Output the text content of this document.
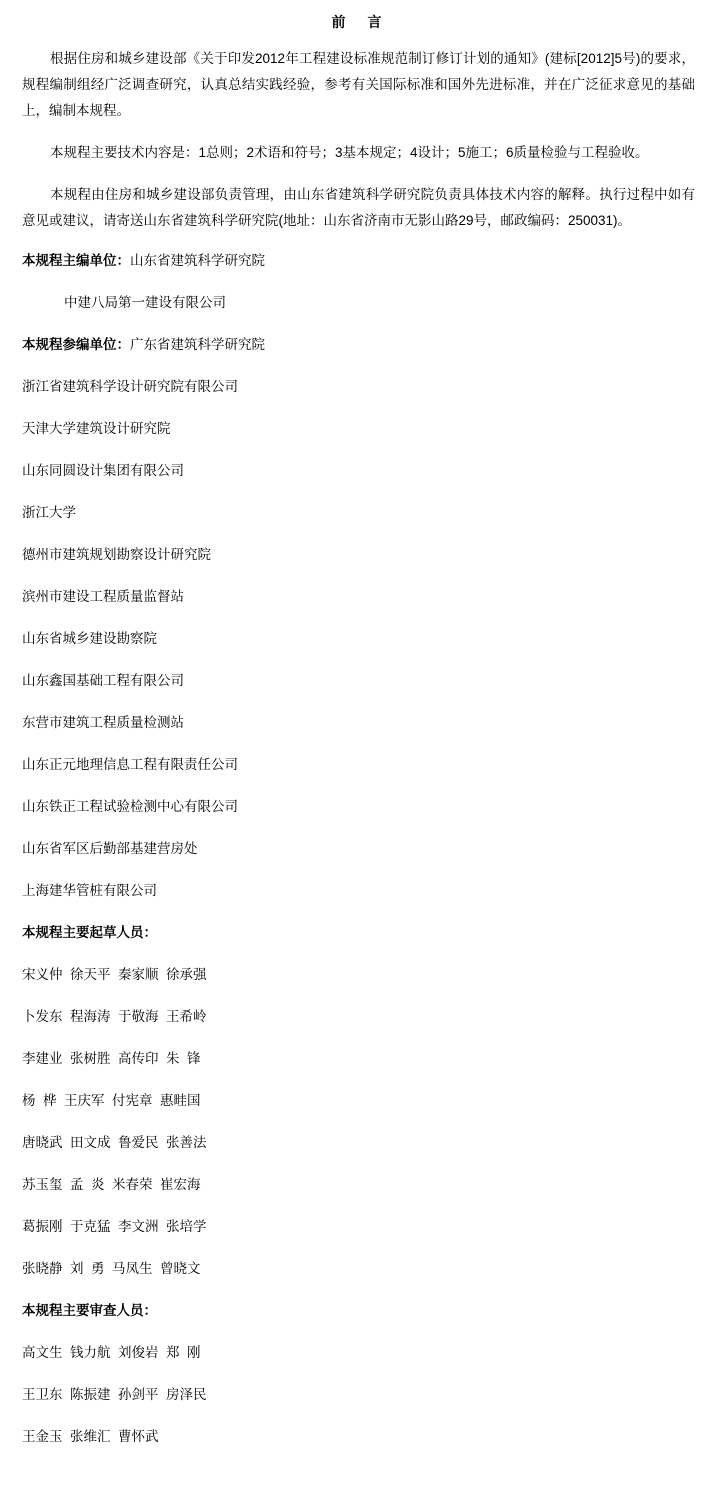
前　言

根据住房和城乡建设部《关于印发2012年工程建设标准规范制订修订计划的通知》(建标[2012]5号)的要求，规程编制组经广泛调查研究，认真总结实践经验，参考有关国际标准和国外先进标准，并在广泛征求意见的基础上，编制本规程。

本规程主要技术内容是：1总则；2术语和符号；3基本规定；4设计；5施工；6质量检验与工程验收。

本规程由住房和城乡建设部负责管理，由山东省建筑科学研究院负责具体技术内容的解释。执行过程中如有意见或建议，请寄送山东省建筑科学研究院(地址：山东省济南市无影山路29号，邮政编码：250031)。

本规程主编单位：山东省建筑科学研究院
中建八局第一建设有限公司
本规程参编单位：广东省建筑科学研究院
浙江省建筑科学设计研究院有限公司
天津大学建筑设计研究院
山东同圆设计集团有限公司
浙江大学
德州市建筑规划勘察设计研究院
滨州市建设工程质量监督站
山东省城乡建设勘察院
山东鑫国基础工程有限公司
东营市建筑工程质量检测站
山东正元地理信息工程有限责任公司
山东铁正工程试验检测中心有限公司
山东省军区后勤部基建营房处
上海建华管桩有限公司
本规程主要起草人员：
宋义仲  徐天平  秦家顺  徐承强
卜发东  程海涛  于敬海  王希岭
李建业  张树胜  高传印  朱  锋
杨  桦  王庆军  付宪章  惠畦国
唐晓武  田文成  鲁爱民  张善法
苏玉玺  孟  炎  米春荣  崔宏海
葛振刚  于克猛  李文洲  张培学
张晓静  刘  勇  马凤生  曾晓文
本规程主要审查人员：
高文生  钱力航  刘俊岩  郑  刚
王卫东  陈振建  孙剑平  房泽民
王金玉  张维汇  曹怀武
